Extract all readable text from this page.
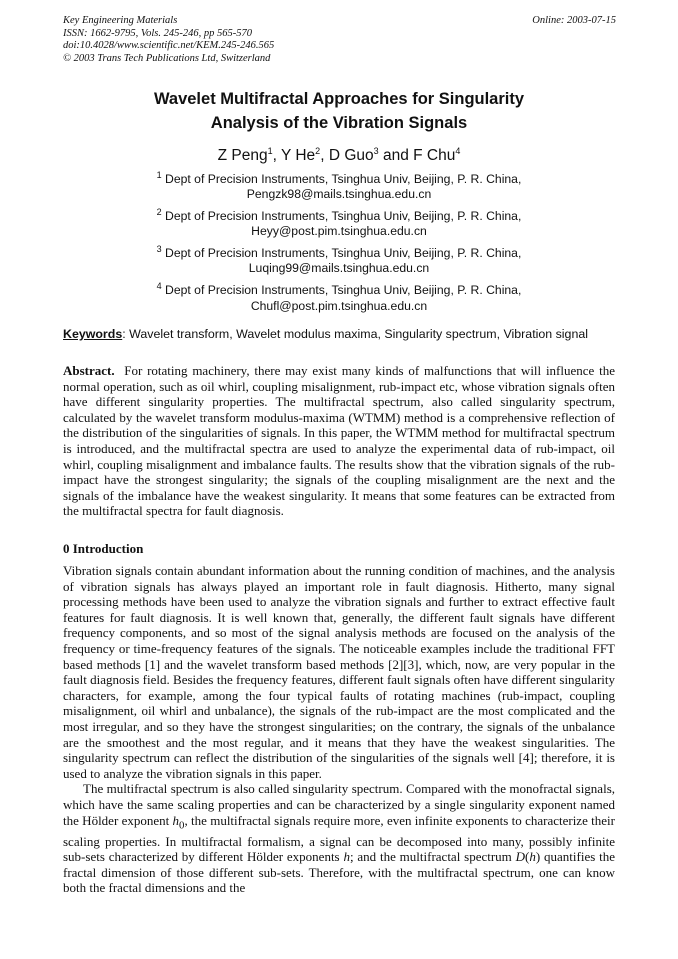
Key Engineering Materials
ISSN: 1662-9795, Vols. 245-246, pp 565-570
doi:10.4028/www.scientific.net/KEM.245-246.565
© 2003 Trans Tech Publications Ltd, Switzerland
Online: 2003-07-15
Wavelet Multifractal Approaches for Singularity
Analysis of the Vibration Signals
Z Peng$^1$, Y He$^2$, D Guo$^3$ and F Chu$^4$
$^1$ Dept of Precision Instruments, Tsinghua Univ, Beijing, P. R. China,
Pengzk98@mails.tsinghua.edu.cn
$^2$ Dept of Precision Instruments, Tsinghua Univ, Beijing, P. R. China,
Heyy@post.pim.tsinghua.edu.cn
$^3$ Dept of Precision Instruments, Tsinghua Univ, Beijing, P. R. China,
Luqing99@mails.tsinghua.edu.cn
$^4$ Dept of Precision Instruments, Tsinghua Univ, Beijing, P. R. China,
Chufl@post.pim.tsinghua.edu.cn
Keywords: Wavelet transform, Wavelet modulus maxima, Singularity spectrum, Vibration signal
Abstract. For rotating machinery, there may exist many kinds of malfunctions that will influence the normal operation, such as oil whirl, coupling misalignment, rub-impact etc, whose vibration signals often have different singularity properties. The multifractal spectrum, also called singularity spectrum, calculated by the wavelet transform modulus-maxima (WTMM) method is a comprehensive reflection of the distribution of the singularities of signals. In this paper, the WTMM method for multifractal spectrum is introduced, and the multifractal spectra are used to analyze the experimental data of rub-impact, oil whirl, coupling misalignment and imbalance faults. The results show that the vibration signals of the rub-impact have the strongest singularity; the signals of the coupling misalignment are the next and the signals of the imbalance have the weakest singularity. It means that some features can be extracted from the multifractal spectra for fault diagnosis.
0 Introduction

Vibration signals contain abundant information about the running condition of machines, and the analysis of vibration signals has always played an important role in fault diagnosis. Hitherto, many signal processing methods have been used to analyze the vibration signals and further to extract effective fault features for fault diagnosis. It is well known that, generally, the different fault signals have different frequency components, and so most of the signal analysis methods are focused on the analysis of the frequency or time-frequency features of the signals. The noticeable examples include the traditional FFT based methods [1] and the wavelet transform based methods [2][3], which, now, are very popular in the fault diagnosis field. Besides the frequency features, different fault signals often have different singularity characters, for example, among the four typical faults of rotating machines (rub-impact, coupling misalignment, oil whirl and unbalance), the signals of the rub-impact are the most complicated and the most irregular, and so they have the strongest singularities; on the contrary, the signals of the unbalance are the smoothest and the most regular, and it means that they have the weakest singularities. The singularity spectrum can reflect the distribution of the singularities of the signals well [4]; therefore, it is used to analyze the vibration signals in this paper.

The multifractal spectrum is also called singularity spectrum. Compared with the monofractal signals, which have the same scaling properties and can be characterized by a single singularity exponent named the Hölder exponent $h_0$, the multifractal signals require more, even infinite exponents to characterize their scaling properties. In multifractal formalism, a signal can be decomposed into many, possibly infinite sub-sets characterized by different Hölder exponents h; and the multifractal spectrum D(h) quantifies the fractal dimension of those different sub-sets. Therefore, with the multifractal spectrum, one can know both the fractal dimensions and the
